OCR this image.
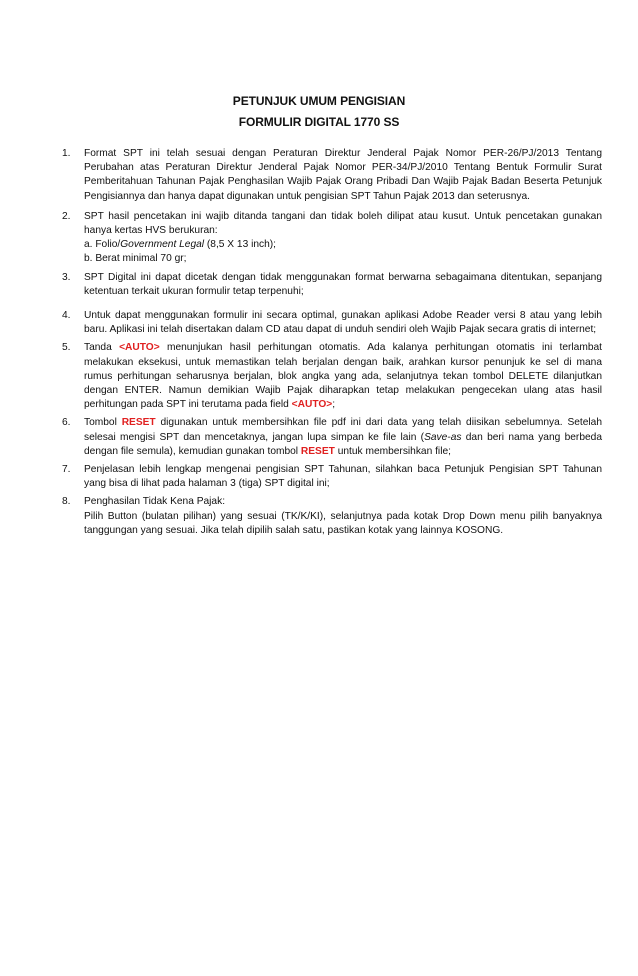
PETUNJUK UMUM PENGISIAN
FORMULIR DIGITAL 1770 SS
1. Format SPT ini telah sesuai dengan Peraturan Direktur Jenderal Pajak Nomor PER-26/PJ/2013 Tentang Perubahan atas Peraturan Direktur Jenderal Pajak Nomor PER-34/PJ/2010 Tentang Bentuk Formulir Surat Pemberitahuan Tahunan Pajak Penghasilan Wajib Pajak Orang Pribadi Dan Wajib Pajak Badan Beserta Petunjuk Pengisiannya dan hanya dapat digunakan untuk pengisian SPT Tahun Pajak 2013 dan seterusnya.
2. SPT hasil pencetakan ini wajib ditanda tangani dan tidak boleh dilipat atau kusut. Untuk pencetakan gunakan hanya kertas HVS berukuran:
a. Folio/Government Legal (8,5 X 13 inch);
b. Berat minimal 70 gr;
3. SPT Digital ini dapat dicetak dengan tidak menggunakan format berwarna sebagaimana ditentukan, sepanjang ketentuan terkait ukuran formulir tetap terpenuhi;
4. Untuk dapat menggunakan formulir ini secara optimal, gunakan aplikasi Adobe Reader versi 8 atau yang lebih baru. Aplikasi ini telah disertakan dalam CD atau dapat di unduh sendiri oleh Wajib Pajak secara gratis di internet;
5. Tanda <AUTO> menunjukan hasil perhitungan otomatis. Ada kalanya perhitungan otomatis ini terlambat melakukan eksekusi, untuk memastikan telah berjalan dengan baik, arahkan kursor penunjuk ke sel di mana rumus perhitungan seharusnya berjalan, blok angka yang ada, selanjutnya tekan tombol DELETE dilanjutkan dengan ENTER. Namun demikian Wajib Pajak diharapkan tetap melakukan pengecekan ulang atas hasil perhitungan pada SPT ini terutama pada field <AUTO>;
6. Tombol RESET digunakan untuk membersihkan file pdf ini dari data yang telah diisikan sebelumnya. Setelah selesai mengisi SPT dan mencetaknya, jangan lupa simpan ke file lain (Save-as dan beri nama yang berbeda dengan file semula), kemudian gunakan tombol RESET untuk membersihkan file;
7. Penjelasan lebih lengkap mengenai pengisian SPT Tahunan, silahkan baca Petunjuk Pengisian SPT Tahunan yang bisa di lihat pada halaman 3 (tiga) SPT digital ini;
8. Penghasilan Tidak Kena Pajak:
Pilih Button (bulatan pilihan) yang sesuai (TK/K/KI), selanjutnya pada kotak Drop Down menu pilih banyaknya tanggungan yang sesuai. Jika telah dipilih salah satu, pastikan kotak yang lainnya KOSONG.
